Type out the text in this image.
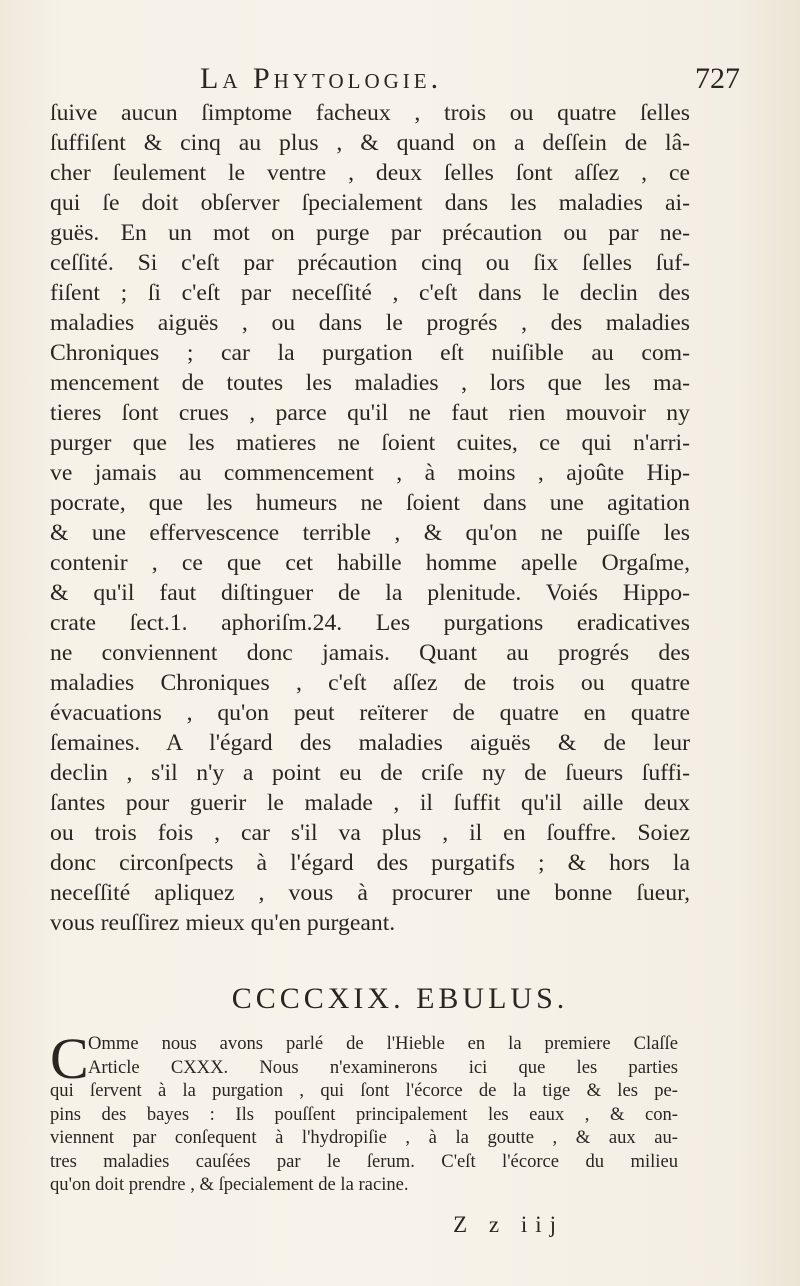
La Phytologie.	727
ſuive aucun ſimptome facheux , trois ou quatre ſelles
ſuffiſent & cinq au plus , & quand on a deſſein de lâ-
cher ſeulement le ventre , deux ſelles ſont aſſez , ce
qui ſe doit obſerver ſpecialement dans les maladies ai-
guës. En un mot on purge par précaution ou par ne-
ceſſité. Si c'eſt par précaution cinq ou ſix ſelles ſuf-
fiſent ; ſi c'eſt par neceſſité , c'eſt dans le declin des
maladies aiguës , ou dans le progrés , des maladies
Chroniques ; car la purgation eſt nuiſible au com-
mencement de toutes les maladies , lors que les ma-
tieres ſont crues , parce qu'il ne faut rien mouvoir ny
purger que les matieres ne ſoient cuites, ce qui n'arri-
ve jamais au commencement , à moins , ajoûte Hip-
pocrate, que les humeurs ne ſoient dans une agitation
& une effervescence terrible , & qu'on ne puiſſe les
contenir , ce que cet habille homme apelle Orgaſme,
& qu'il faut diſtinguer de la plenitude. Voiés Hippo-
crate ſect.1. aphoriſm.24. Les purgations eradicatives
ne conviennent donc jamais. Quant au progrés des
maladies Chroniques , c'eſt aſſez de trois ou quatre
évacuations , qu'on peut reïterer de quatre en quatre
ſemaines. A l'égard des maladies aiguës & de leur
declin , s'il n'y a point eu de criſe ny de ſueurs ſuffi-
ſantes pour guerir le malade , il ſuffit qu'il aille deux
ou trois fois , car s'il va plus , il en ſouffre. Soiez
donc circonſpects à l'égard des purgatifs ; & hors la
neceſſité apliquez , vous à procurer une bonne ſueur,
vous reuſſirez mieux qu'en purgeant.
CCCCXIX. EBULUS.
C Omme nous avons parlé de l'Hieble en la premiere Claſſe
Article CXXX. Nous n'examinerons ici que les parties
qui ſervent à la purgation , qui ſont l'écorce de la tige & les pe-
pins des bayes : Ils pouſſent principalement les eaux , & con-
viennent par conſequent à l'hydropiſie , à la goutte , & aux au-
tres maladies cauſées par le ſerum. C'eſt l'écorce du milieu
qu'on doit prendre , & ſpecialement de la racine.
Z z iij
